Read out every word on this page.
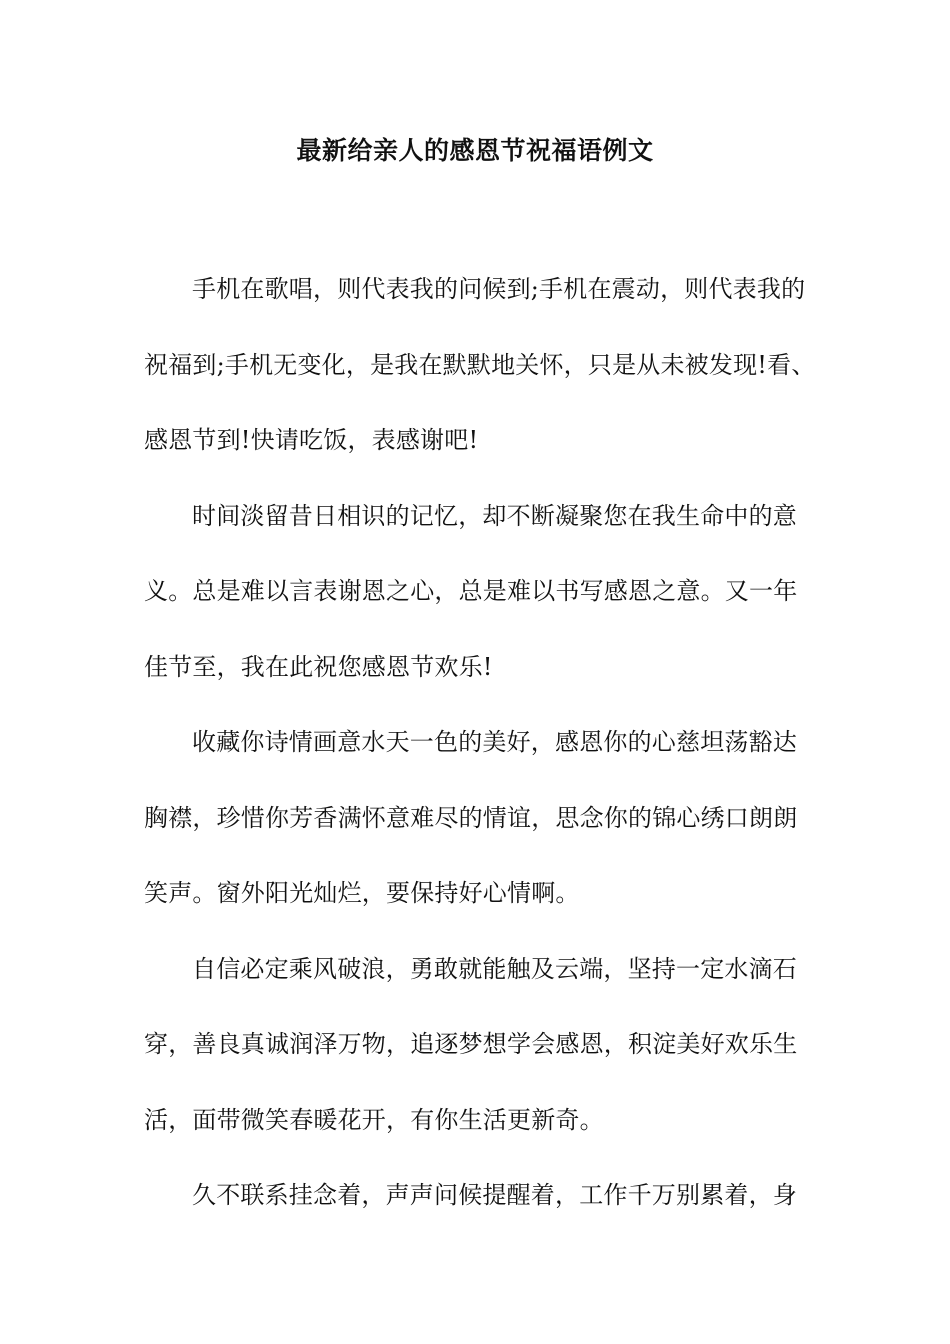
最新给亲人的感恩节祝福语例文
手机在歌唱，则代表我的问候到;手机在震动，则代表我的
祝福到;手机无变化，是我在默默地关怀，只是从未被发现!看、
感恩节到!快请吃饭，表感谢吧!
时间淡留昔日相识的记忆，却不断凝聚您在我生命中的意
义。总是难以言表谢恩之心，总是难以书写感恩之意。又一年
佳节至，我在此祝您感恩节欢乐!
收藏你诗情画意水天一色的美好，感恩你的心慈坦荡豁达
胸襟，珍惜你芳香满怀意难尽的情谊，思念你的锦心绣口朗朗
笑声。窗外阳光灿烂，要保持好心情啊。
自信必定乘风破浪，勇敢就能触及云端，坚持一定水滴石
穿，善良真诚润泽万物，追逐梦想学会感恩，积淀美好欢乐生
活，面带微笑春暖花开，有你生活更新奇。
久不联系挂念着，声声问候提醒着，工作千万别累着，身
